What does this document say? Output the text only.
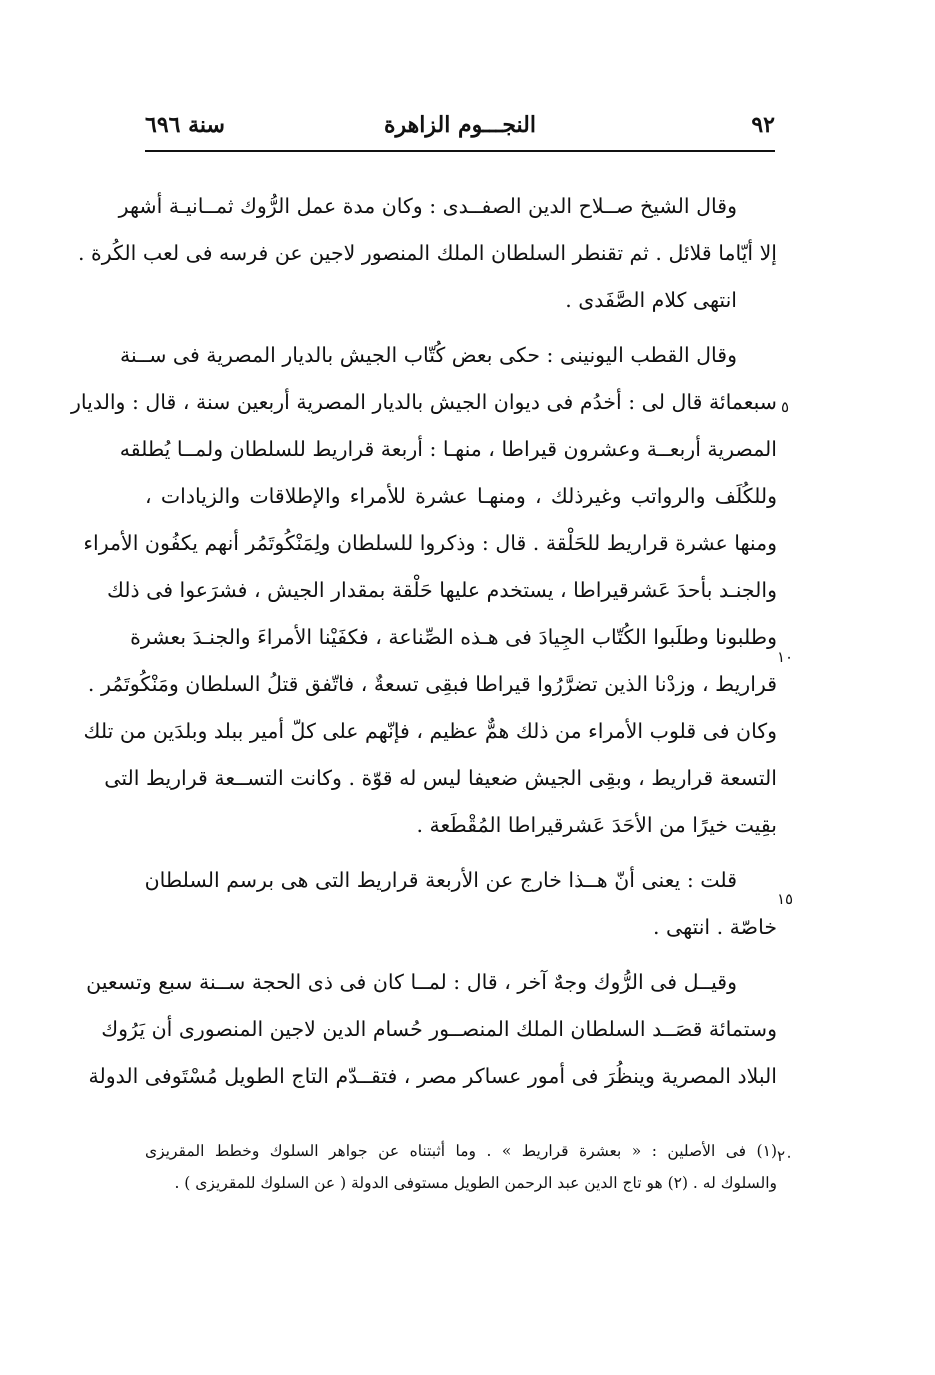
٩٢
النجـــوم الزاهرة
سنة ٦٩٦
وقال الشيخ صــلاح الدين الصفــدى : وكان مدة عمل الرُّوك ثمــانيـة أشهر
إلا أيّاما قلائل . ثم تقنطر السلطان الملك المنصور لاجين عن فرسه فى لعب الكُرة .
انتهى كلام الصَّفَدى .
وقال القطب اليونينى : حكى بعض كُتّاب الجيش بالديار المصرية فى ســنة
سبعمائة قال لى : أخدُم فى ديوان الجيش بالديار المصرية أربعين سنة ، قال : والديار
المصرية أربعــة وعشرون قيراطا ، منهـا : أربعة قراريط للسلطان ولمــا يُطلقه
وللكُلَف والرواتب وغيرذلك ، ومنهـا عشرة للأمراء والإطلاقات والزيادات ،
ومنها عشرة قراريط للحَلْقة . قال : وذكروا للسلطان ولِمَنْكُوتَمُر أنهم يكفُون الأمراء
والجنـد بأحدَ عَشرقيراطا ، يستخدم عليها حَلْقة بمقدار الجيش ، فشرَعوا فى ذلك
وطلبونا وطلَبوا الكُتّاب الجِيادَ فى هـذه الصِّناعة ، فكفَيْنا الأمراءَ والجنـدَ بعشرة
قراريط ، وزدْنا الذين تضرَّرُوا قيراطا فبقِى تسعةٌ ، فاتّفق قتلُ السلطان ومَنْكُوتَمُر .
وكان فى قلوب الأمراء من ذلك همٌّ عظيم ، فإنّهم على كلّ أمير ببلد وبلدَين من تلك
التسعة قراريط ، وبقِى الجيش ضعيفا ليس له قوّة . وكانت التســعة قراريط التى
بقِيت خيرًا من الأحَدَ عَشرقيراطا المُقْطَعة .
قلت : يعنى أنّ هــذا خارج عن الأربعة قراريط التى هى برسم السلطان
خاصّة . انتهى .
وقيــل فى الرُّوك وجهٌ آخر ، قال : لمــا كان فى ذى الحجة ســنة سبع وتسعين
وستمائة قصَــد السلطان الملك المنصــور حُسام الدين لاجين المنصورى أن يَرُوك
البلاد المصرية وينظُرَ فى أمور عساكر مصر ، فتقــدّم التاج الطويل مُسْتَوفى الدولة
٥
١٠
١٥
٢٠
(١) فى الأصلين : « بعشرة قراريط » . وما أثبتناه عن جواهر السلوك وخطط المقريزى
والسلوك له . (٢) هو تاج الدين عبد الرحمن الطويل مستوفى الدولة ( عن السلوك للمقريزى ) .
